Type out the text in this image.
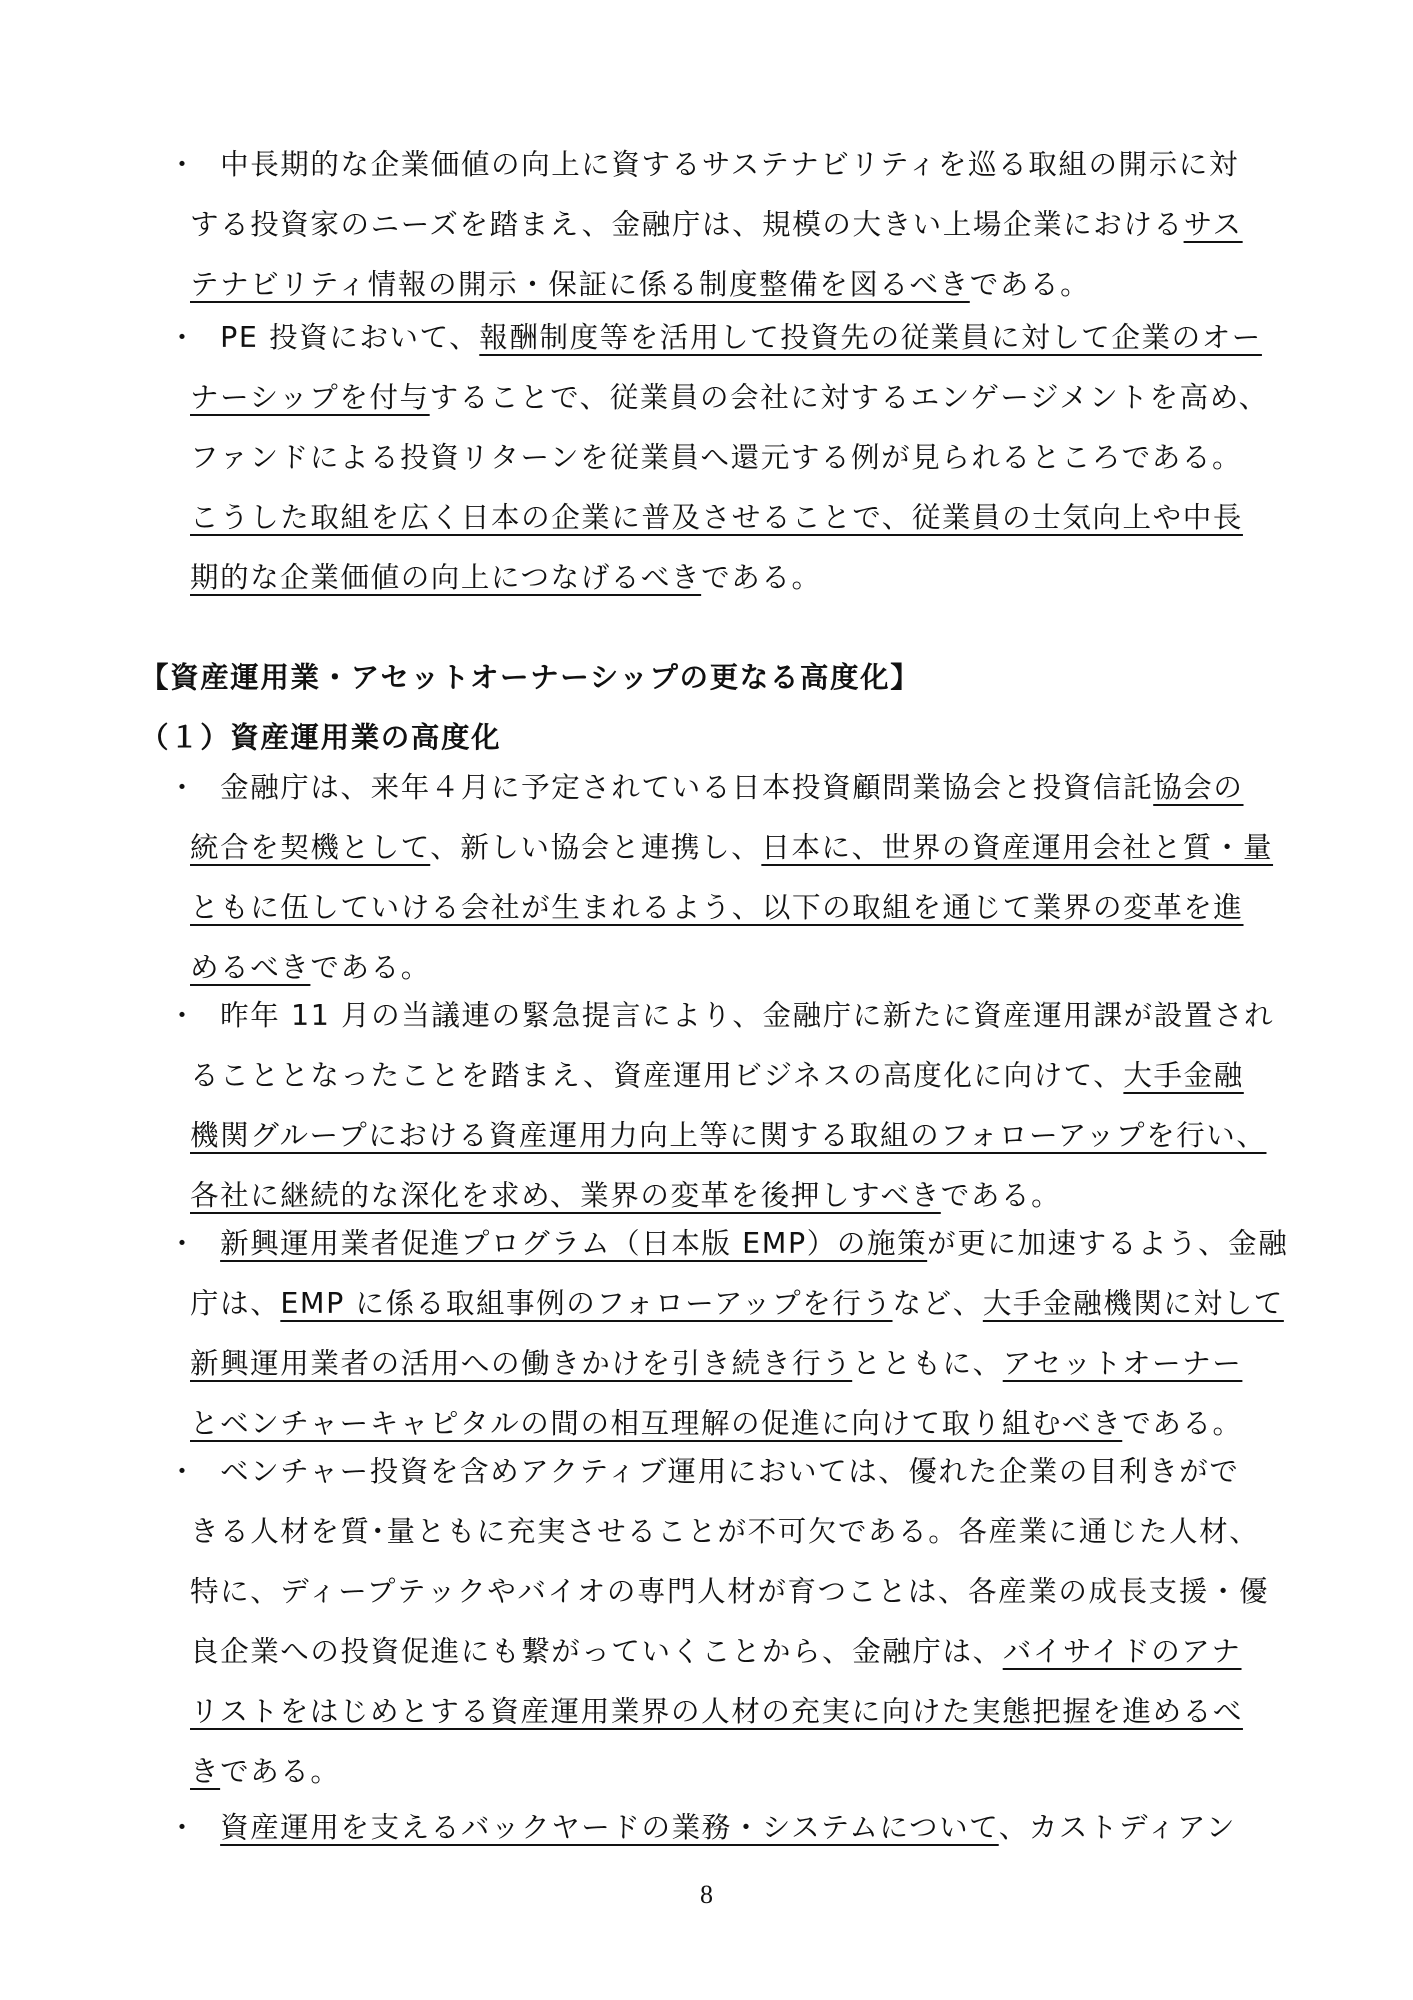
・
　中長期的な企業価値の向上に資するサステナビリティを巡る取組の開示に対
する投資家のニーズを踏まえ、金融庁は、規模の大きい上場企業におけるサス
テナビリティ情報の開示・保証に係る制度整備を図るべきである。
・
　PE 投資において、報酬制度等を活用して投資先の従業員に対して企業のオー
ナーシップを付与することで、従業員の会社に対するエンゲージメントを高め、
ファンドによる投資リターンを従業員へ還元する例が見られるところである。
こうした取組を広く日本の企業に普及させることで、従業員の士気向上や中長
期的な企業価値の向上につなげるべきである。
【資産運用業・アセットオーナーシップの更なる高度化】
（１）資産運用業の高度化
・
　金融庁は、来年４月に予定されている日本投資顧問業協会と投資信託協会の
統合を契機として、新しい協会と連携し、日本に、世界の資産運用会社と質・量
ともに伍していける会社が生まれるよう、以下の取組を通じて業界の変革を進
めるべきである。
・
　昨年 11 月の当議連の緊急提言により、金融庁に新たに資産運用課が設置され
ることとなったことを踏まえ、資産運用ビジネスの高度化に向けて、大手金融
機関グループにおける資産運用力向上等に関する取組のフォローアップを行い、
各社に継続的な深化を求め、業界の変革を後押しすべきである。
・
　 新興運用業者促進プログラム（日本版 EMP）の施策が更に加速するよう、金融
庁は、EMP に係る取組事例のフォローアップを行うなど、大手金融機関に対して
新興運用業者の活用への働きかけを引き続き行うとともに、アセットオーナー
とベンチャーキャピタルの間の相互理解の促進に向けて取り組むべきである。
・
　ベンチャー投資を含めアクティブ運用においては、優れた企業の目利きがで
きる人材を質･量ともに充実させることが不可欠である。各産業に通じた人材、
特に、ディープテックやバイオの専門人材が育つことは、各産業の成長支援・優
良企業への投資促進にも繋がっていくことから、金融庁は、バイサイドのアナ
リストをはじめとする資産運用業界の人材の充実に向けた実態把握を進めるべ
きである。
・
　 資産運用を支えるバックヤードの業務・システムについて、カストディアン
8
